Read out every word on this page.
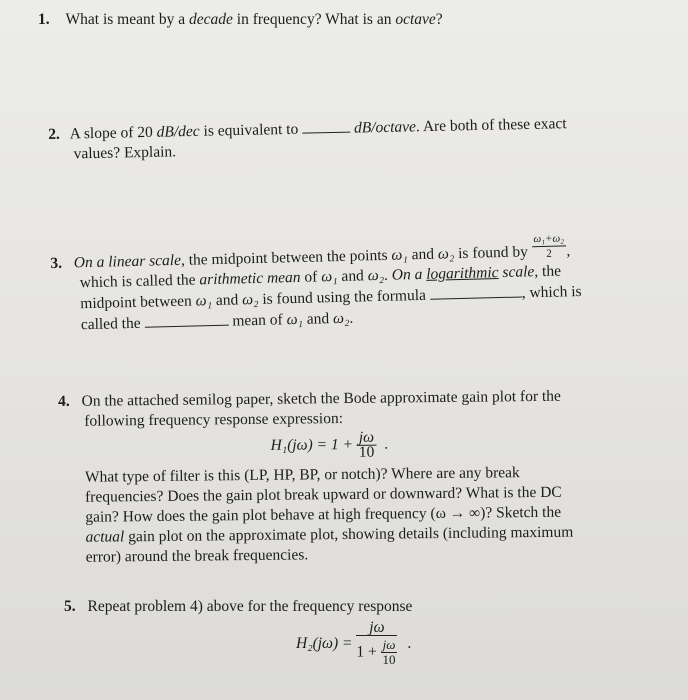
1. What is meant by a decade in frequency? What is an octave?
2. A slope of 20 dB/dec is equivalent to	dB/octave. Are both of these exact
values? Explain.
3. On a linear scale, the midpoint between the points ω₁ and ω₂ is found by $\frac{\text{ω₁+ω₂}}{2}$ ,
which is called the arithmetic mean of ω₁ and ω₂. On a logarithmic scale, the
midpoint between ω₁ and ω₂ is found using the formula	, which is
called the	mean of ω₁ and ω₂.
4. On the attached semilog paper, sketch the Bode approximate gain plot for the
following frequency response expression:
$H_1(j\omega) = 1 + \frac{j\omega}{10}$ .
What type of filter is this (LP, HP, BP, or notch)? Where are any break
frequencies? Does the gain plot break upward or downward? What is the DC
gain? How does the gain plot behave at high frequency (ω → ∞)? Sketch the
actual gain plot on the approximate plot, showing details (including maximum
error) around the break frequencies.
5. Repeat problem 4) above for the frequency response
$H_2(j\omega) = \frac{j\omega}{1 + \frac{j\omega}{10}}$ .
